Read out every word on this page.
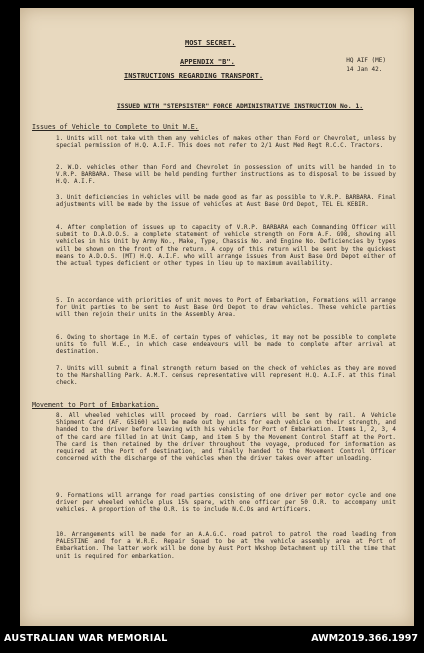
MOST SECRET.
APPENDIX "B".
INSTRUCTIONS REGARDING TRANSPORT.
HQ AIF (ME)
14 Jan 42.
ISSUED WITH "STEPSISTER" FORCE ADMINISTRATIVE INSTRUCTION No. 1.
Issues of Vehicle to Complete to Unit W.E.
1. Units will not take with them any vehicles of makes other than Ford or Chevrolet, unless by special permission of H.Q. A.I.F. This does not refer to 2/1 Aust Med Regt R.C.C. Tractors.
2. W.D. vehicles other than Ford and Chevrolet in possession of units will be handed in to V.R.P. BARBARA. These will be held pending further instructions as to disposal to be issued by H.Q. A.I.F.
3. Unit deficiencies in vehicles will be made good as far as possible to V.R.P. BARBARA. Final adjustments will be made by the issue of vehicles at Aust Base Ord Depot, TEL EL KEBIR.
4. After completion of issues up to capacity of V.R.P. BARBARA each Commanding Officer will submit to D.A.D.O.S. a complete statement of vehicle strength on Form A.F. G98, showing all vehicles in his Unit by Army No., Make, Type, Chassis No. and Engine No. Deficiencies by types will be shown on the front of the return. A copy of this return will be sent by the quickest means to A.D.O.S. (MT) H.Q. A.I.F. who will arrange issues from Aust Base Ord Depot either of the actual types deficient or other types in lieu up to maximum availability.
5. In accordance with priorities of unit moves to Port of Embarkation, Formations will arrange for Unit parties to be sent to Aust Base Ord Depot to draw vehicles. These vehicle parties will then rejoin their units in the Assembly Area.
6. Owing to shortage in M.E. of certain types of vehicles, it may not be possible to complete units to full W.E., in which case endeavours will be made to complete after arrival at destination.
7. Units will submit a final strength return based on the check of vehicles as they are moved to the Marshalling Park. A.M.T. census representative will represent H.Q. A.I.F. at this final check.
Movement to Port of Embarkation.
8. All wheeled vehicles will proceed by road. Carriers will be sent by rail. A Vehicle Shipment Card (AF. G5160) will be made out by units for each vehicle on their strength, and handed to the driver before leaving with his vehicle for Port of Embarkation. Items 1, 2, 3, 4 of the card are filled in at Unit Camp, and item 5 by the Movement Control Staff at the Port. The card is then retained by the driver throughout the voyage, produced for information as required at the Port of destination, and finally handed to the Movement Control Officer concerned with the discharge of the vehicles when the driver takes over after unloading.
9. Formations will arrange for road parties consisting of one driver per motor cycle and one driver per wheeled vehicle plus 15% spare, with one officer per 50 O.R. to accompany unit vehicles. A proportion of the O.R. is to include N.C.Os and Artificers.
10. Arrangements will be made for an A.A.G.C. road patrol to patrol the road leading from PALESTINE and for a W.R.E. Repair Squad to be at the vehicle assembly area at Port of Embarkation. The latter work will be done by Aust Port Wkshop Detachment up till the time that unit is required for embarkation.
AUSTRALIAN WAR MEMORIAL	AWM2019.366.1997
